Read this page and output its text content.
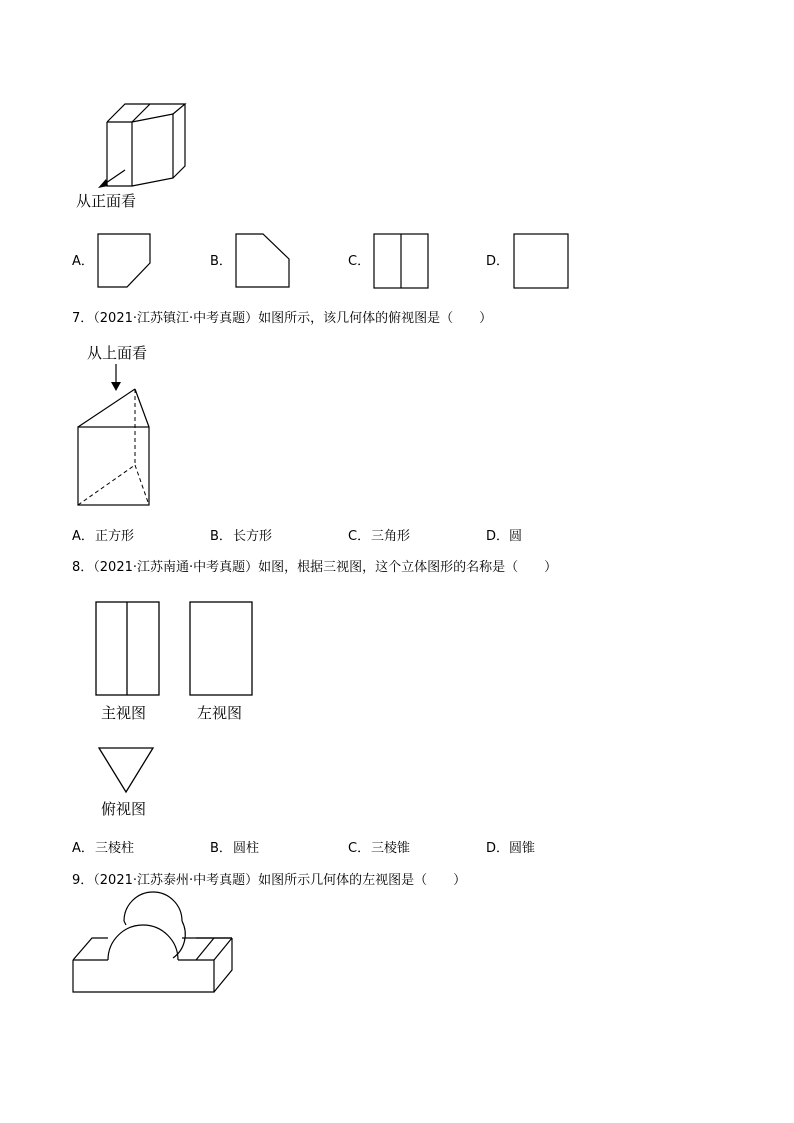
从正面看
A．	B．	C．	D．
7．（2021·江苏镇江·中考真题）如图所示，该几何体的俯视图是（　　）
从上面看
A． 正方形	B． 长方形	C． 三角形	D． 圆
8．（2021·江苏南通·中考真题）如图，根据三视图，这个立体图形的名称是（　　）
主视图	左视图
俯视图
A． 三棱柱	B． 圆柱	C． 三棱锥	D． 圆锥
9．（2021·江苏泰州·中考真题）如图所示几何体的左视图是（　　）
